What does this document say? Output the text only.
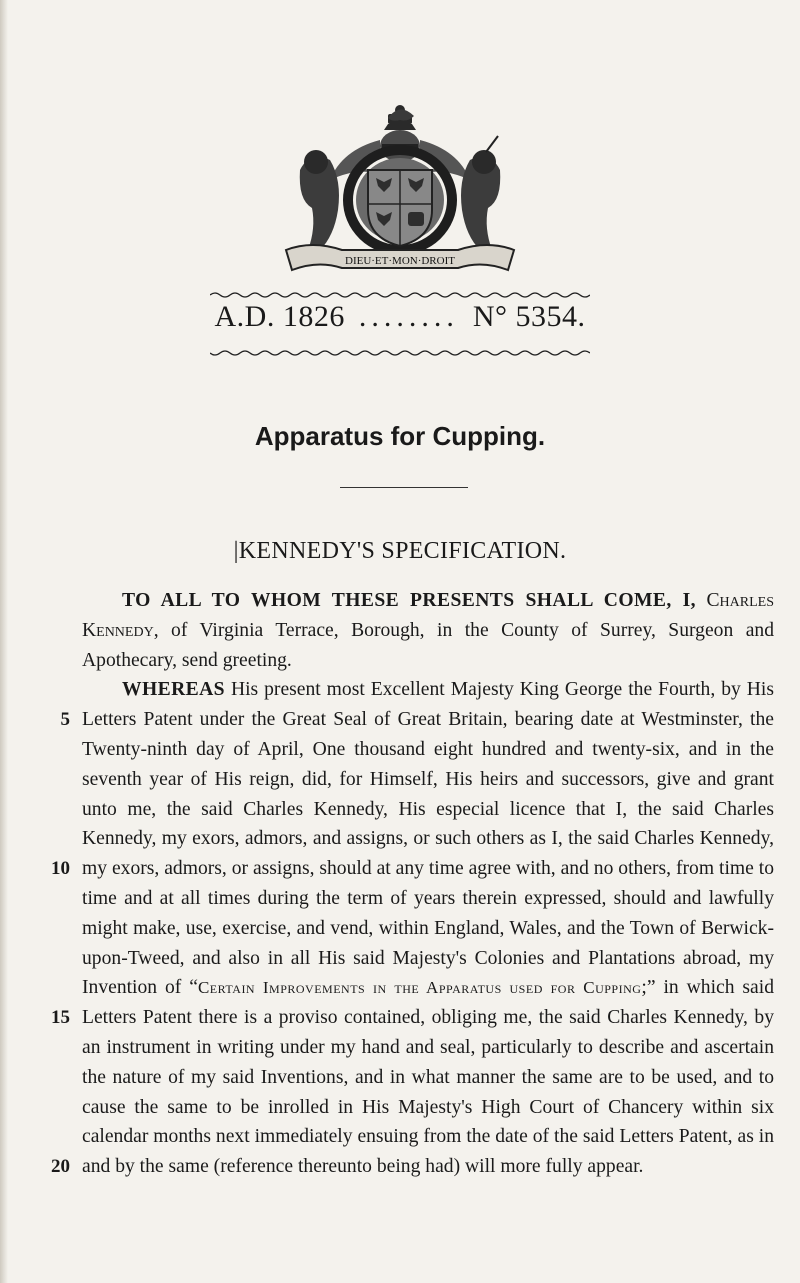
DIEU·ET·MON·DROIT
A.D. 1826 ........ N° 5354.
Apparatus for Cupping.
|KENNEDY'S SPECIFICATION.
5
10
15
20

TO ALL TO WHOM THESE PRESENTS SHALL COME, I, Charles Kennedy, of Virginia Terrace, Borough, in the County of Surrey, Surgeon and Apothecary, send greeting.

WHEREAS His present most Excellent Majesty King George the Fourth, by His Letters Patent under the Great Seal of Great Britain, bearing date at Westminster, the Twenty-ninth day of April, One thousand eight hundred and twenty-six, and in the seventh year of His reign, did, for Himself, His heirs and successors, give and grant unto me, the said Charles Kennedy, His especial licence that I, the said Charles Kennedy, my exors, admors, and assigns, or such others as I, the said Charles Kennedy, my exors, admors, or assigns, should at any time agree with, and no others, from time to time and at all times during the term of years therein expressed, should and lawfully might make, use, exercise, and vend, within England, Wales, and the Town of Berwick-upon-Tweed, and also in all His said Majesty's Colonies and Plantations abroad, my Invention of “Certain Improvements in the Apparatus used for Cupping;” in which said Letters Patent there is a proviso contained, obliging me, the said Charles Kennedy, by an instrument in writing under my hand and seal, particularly to describe and ascertain the nature of my said Inventions, and in what manner the same are to be used, and to cause the same to be inrolled in His Majesty's High Court of Chancery within six calendar months next immediately ensuing from the date of the said Letters Patent, as in and by the same (reference thereunto being had) will more fully appear.
